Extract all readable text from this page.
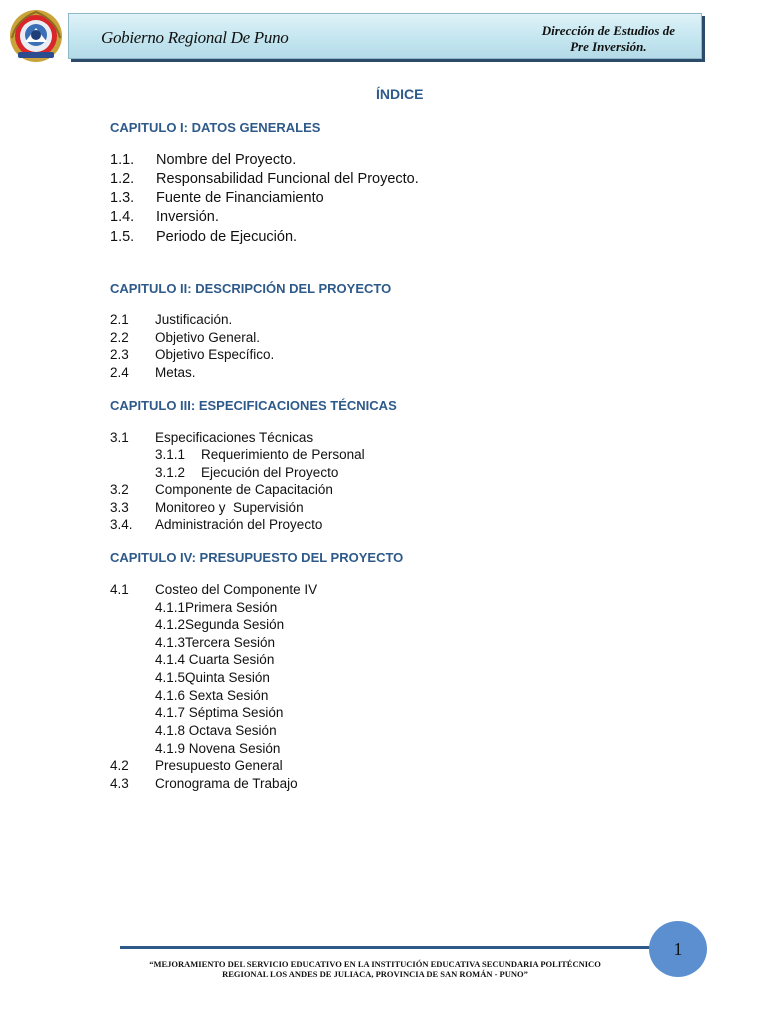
Gobierno Regional De Puno	Dirección de Estudios de
Pre Inversión.
ÍNDICE
CAPITULO I: DATOS GENERALES
1.1. Nombre del Proyecto.
1.2. Responsabilidad Funcional del Proyecto.
1.3. Fuente de Financiamiento
1.4. Inversión.
1.5. Periodo de Ejecución.
CAPITULO II: DESCRIPCIÓN DEL PROYECTO
2.1 Justificación.
2.2 Objetivo General.
2.3 Objetivo Específico.
2.4 Metas.
CAPITULO III: ESPECIFICACIONES TÉCNICAS
3.1 Especificaciones Técnicas
3.1.1 Requerimiento de Personal
3.1.2 Ejecución del Proyecto
3.2 Componente de Capacitación
3.3 Monitoreo y  Supervisión
3.4. Administración del Proyecto
CAPITULO IV: PRESUPUESTO DEL PROYECTO
4.1 Costeo del Componente IV
4.1.1Primera Sesión
4.1.2Segunda Sesión
4.1.3Tercera Sesión
4.1.4 Cuarta Sesión
4.1.5Quinta Sesión
4.1.6 Sexta Sesión
4.1.7 Séptima Sesión
4.1.8 Octava Sesión
4.1.9 Novena Sesión
4.2 Presupuesto General
4.3 Cronograma de Trabajo
“MEJORAMIENTO DEL SERVICIO EDUCATIVO EN LA INSTITUCIÓN EDUCATIVA SECUNDARIA POLITÉCNICO
REGIONAL LOS ANDES DE JULIACA, PROVINCIA DE SAN ROMÁN - PUNO”
1
